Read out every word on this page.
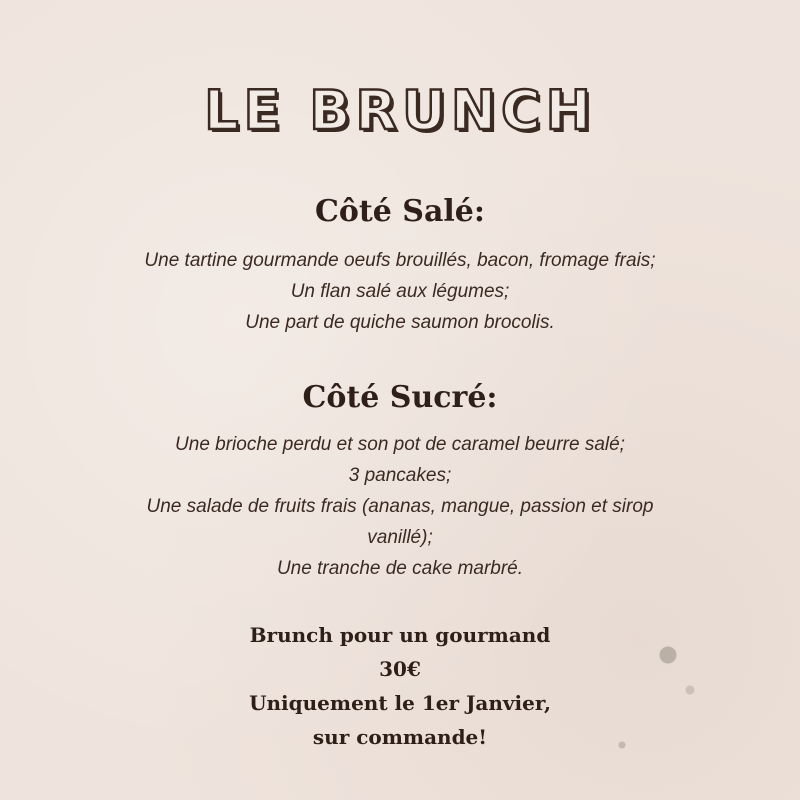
LE BRUNCH
Côté Salé:
Une tartine gourmande oeufs brouillés, bacon, fromage frais;
Un flan salé aux légumes;
Une part de quiche saumon brocolis.
Côté Sucré:
Une brioche perdu et son pot de caramel beurre salé;
3 pancakes;
Une salade de fruits frais (ananas, mangue, passion et sirop vanillé);
Une tranche de cake marbré.
Brunch pour un gourmand
30€
Uniquement le 1er Janvier,
sur commande!
